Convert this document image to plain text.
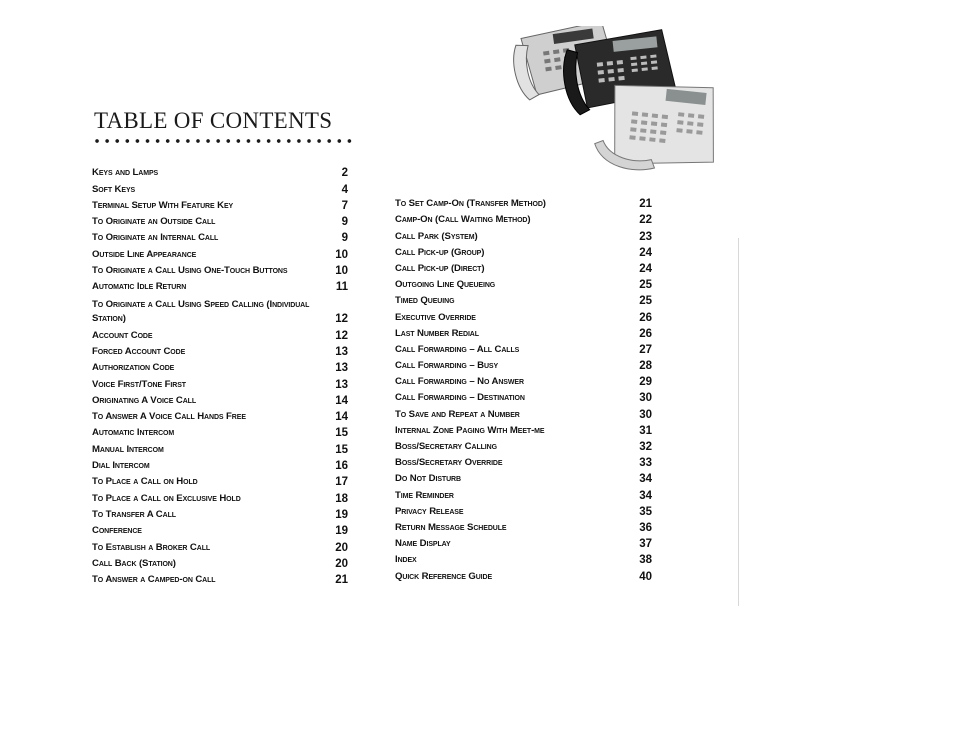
TABLE OF CONTENTS
Keys and Lamps	2
Soft Keys	4
Terminal Setup With Feature Key	7
To Originate an Outside Call	9
To Originate an Internal Call	9
Outside Line Appearance	10
To Originate a Call Using One-Touch Buttons	10
Automatic Idle Return	11
To Originate a Call Using Speed Calling (Individual Station)	12
Account Code	12
Forced Account Code	13
Authorization Code	13
Voice First/Tone First	13
Originating A Voice Call	14
To Answer A Voice Call Hands Free	14
Automatic Intercom	15
Manual Intercom	15
Dial Intercom	16
To Place a Call on Hold	17
To Place a Call on Exclusive Hold	18
To Transfer A Call	19
Conference	19
To Establish a Broker Call	20
Call Back (Station)	20
To Answer a Camped-on Call	21
To Set Camp-On (Transfer Method)	21
Camp-On (Call Waiting Method)	22
Call Park (System)	23
Call Pick-up (Group)	24
Call Pick-up (Direct)	24
Outgoing Line Queueing	25
Timed Queuing	25
Executive Override	26
Last Number Redial	26
Call Forwarding – All Calls	27
Call Forwarding – Busy	28
Call Forwarding – No Answer	29
Call Forwarding – Destination	30
To Save and Repeat a Number	30
Internal Zone Paging With Meet-me	31
Boss/Secretary Calling	32
Boss/Secretary Override	33
Do Not Disturb	34
Time Reminder	34
Privacy Release	35
Return Message Schedule	36
Name Display	37
Index	38
Quick Reference Guide	40
